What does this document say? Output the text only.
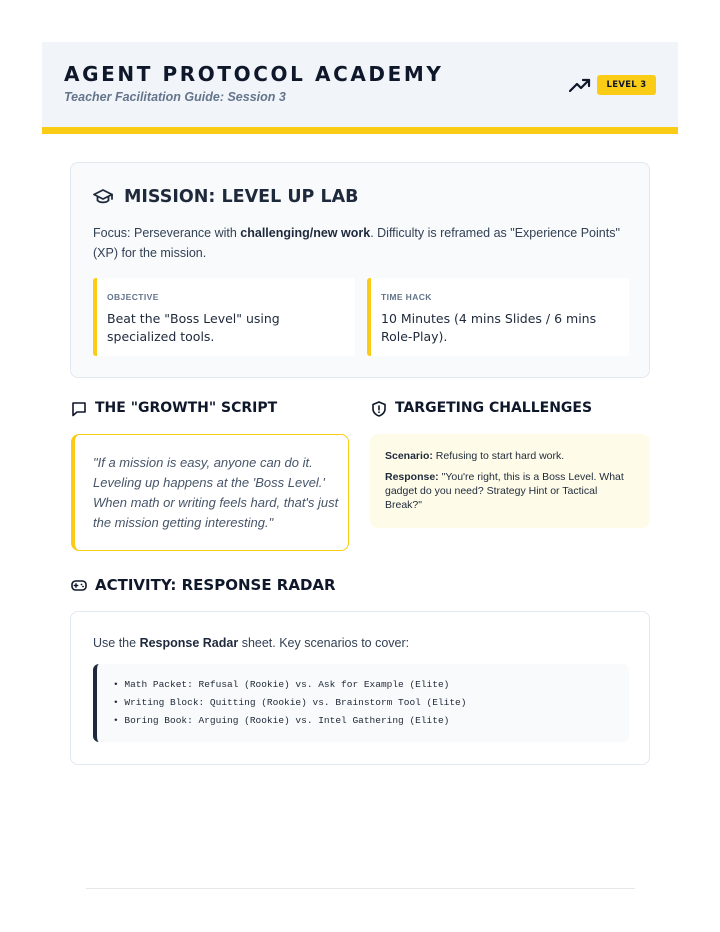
AGENT PROTOCOL ACADEMY
Teacher Facilitation Guide: Session 3
LEVEL 3
MISSION: LEVEL UP LAB
Focus: Perseverance with challenging/new work. Difficulty is reframed as "Experience Points" (XP) for the mission.
OBJECTIVE
Beat the "Boss Level" using specialized tools.
TIME HACK
10 Minutes (4 mins Slides / 6 mins Role-Play).
THE "GROWTH" SCRIPT
"If a mission is easy, anyone can do it. Leveling up happens at the 'Boss Level.' When math or writing feels hard, that's just the mission getting interesting."
TARGETING CHALLENGES
Scenario: Refusing to start hard work.
Response: "You're right, this is a Boss Level. What gadget do you need? Strategy Hint or Tactical Break?"
ACTIVITY: RESPONSE RADAR
Use the Response Radar sheet. Key scenarios to cover:
• Math Packet: Refusal (Rookie) vs. Ask for Example (Elite)
• Writing Block: Quitting (Rookie) vs. Brainstorm Tool (Elite)
• Boring Book: Arguing (Rookie) vs. Intel Gathering (Elite)
